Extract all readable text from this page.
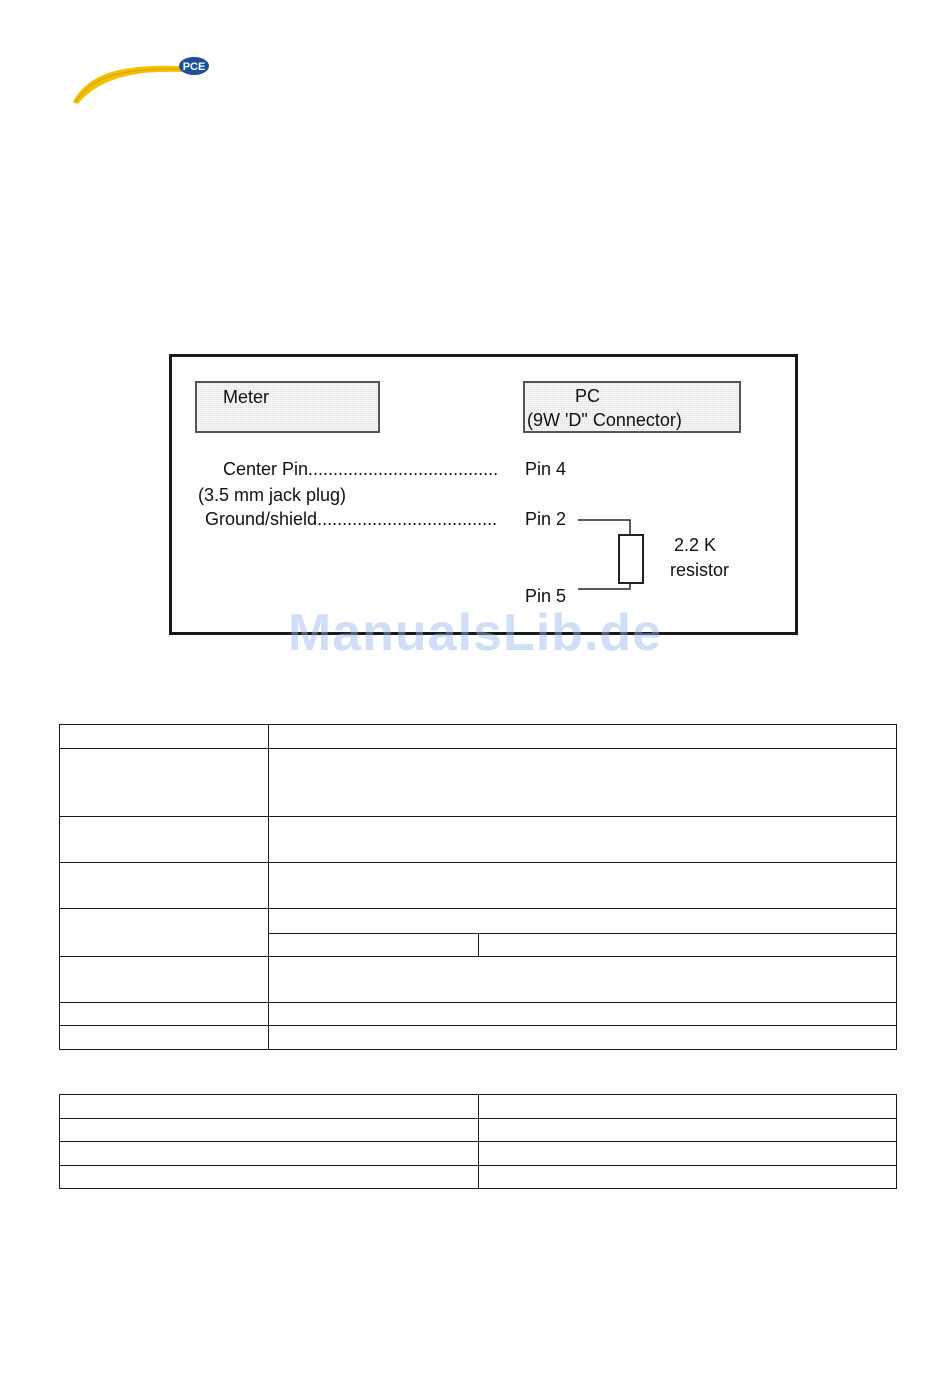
PCE
Meter	PC
(9W 'D" Connector)
Center Pin...................................... Pin 4
(3.5 mm jack plug)
Ground/shield.................................... Pin 2
2.2 K
resistor
Pin 5
ManualsLib.de
